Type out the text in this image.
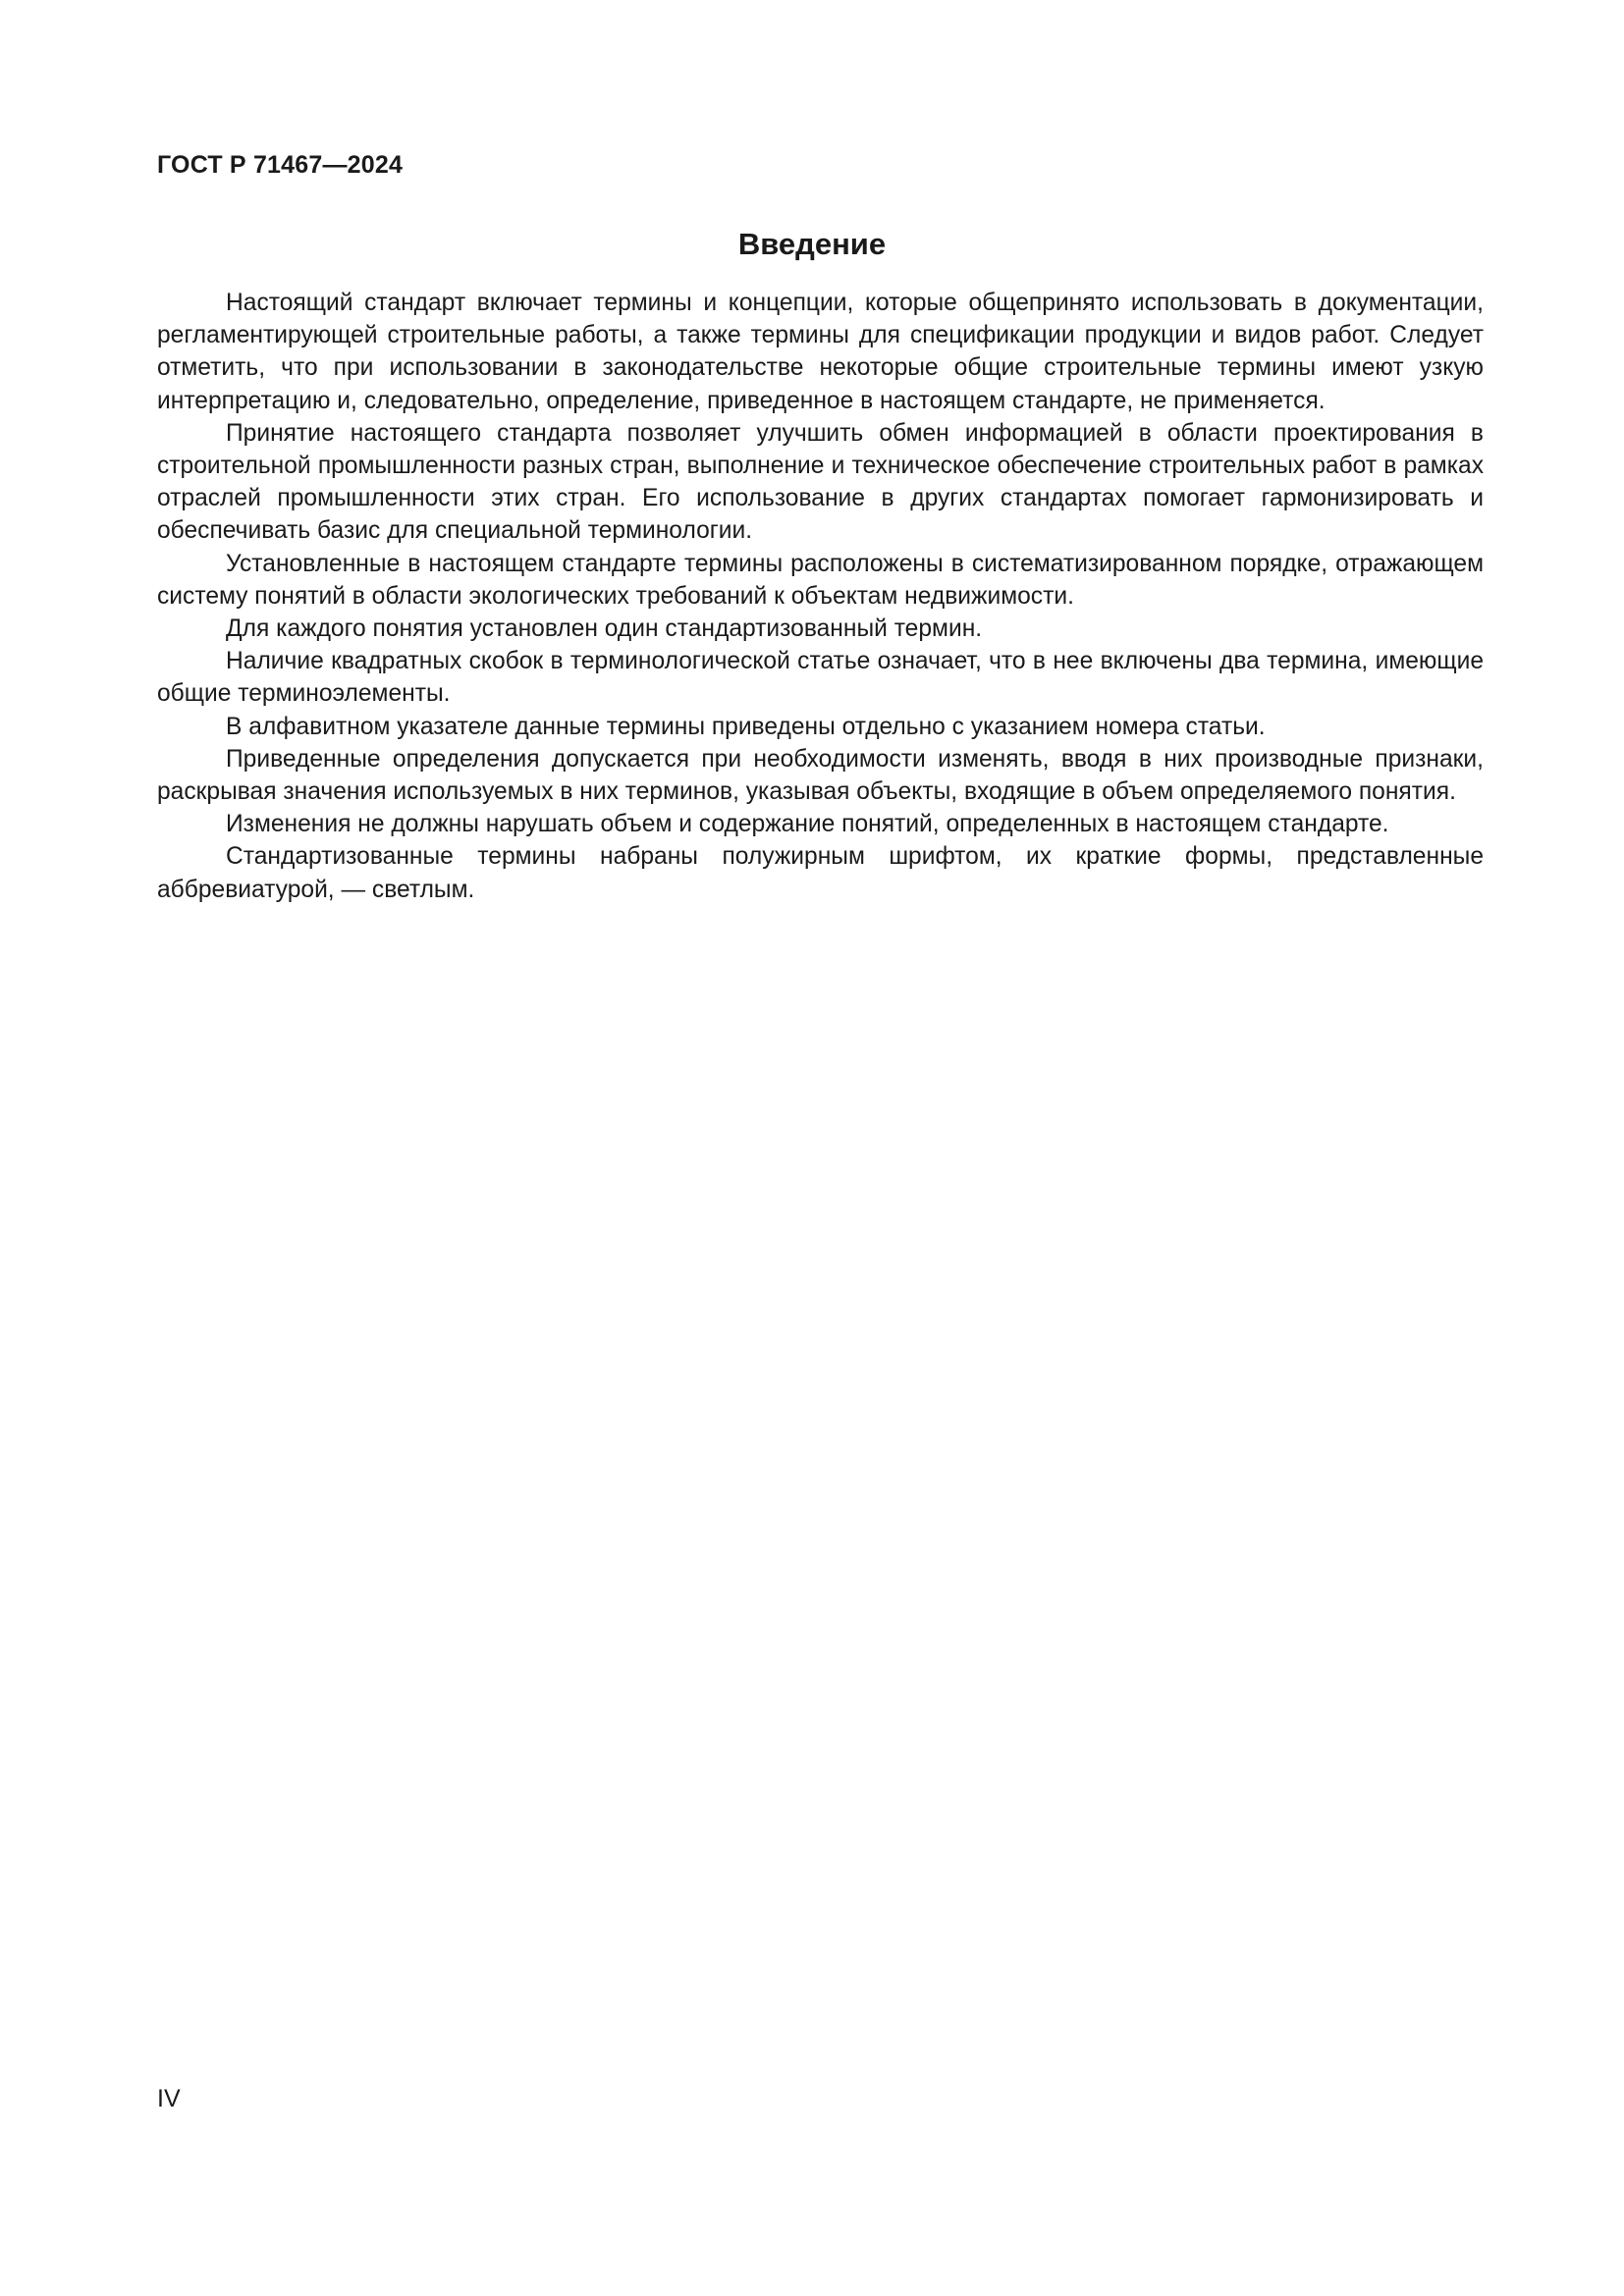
ГОСТ Р 71467—2024
Введение

Настоящий стандарт включает термины и концепции, которые общепринято использовать в документации, регламентирующей строительные работы, а также термины для спецификации продукции и видов работ. Следует отметить, что при использовании в законодательстве некоторые общие строительные термины имеют узкую интерпретацию и, следовательно, определение, приведенное в настоящем стандарте, не применяется.

Принятие настоящего стандарта позволяет улучшить обмен информацией в области проектирования в строительной промышленности разных стран, выполнение и техническое обеспечение строительных работ в рамках отраслей промышленности этих стран. Его использование в других стандартах помогает гармонизировать и обеспечивать базис для специальной терминологии.

Установленные в настоящем стандарте термины расположены в систематизированном порядке, отражающем систему понятий в области экологических требований к объектам недвижимости.

Для каждого понятия установлен один стандартизованный термин.

Наличие квадратных скобок в терминологической статье означает, что в нее включены два термина, имеющие общие терминоэлементы.

В алфавитном указателе данные термины приведены отдельно с указанием номера статьи.

Приведенные определения допускается при необходимости изменять, вводя в них производные признаки, раскрывая значения используемых в них терминов, указывая объекты, входящие в объем определяемого понятия.

Изменения не должны нарушать объем и содержание понятий, определенных в настоящем стандарте.

Стандартизованные термины набраны полужирным шрифтом, их краткие формы, представленные аббревиатурой, — светлым.

IV
